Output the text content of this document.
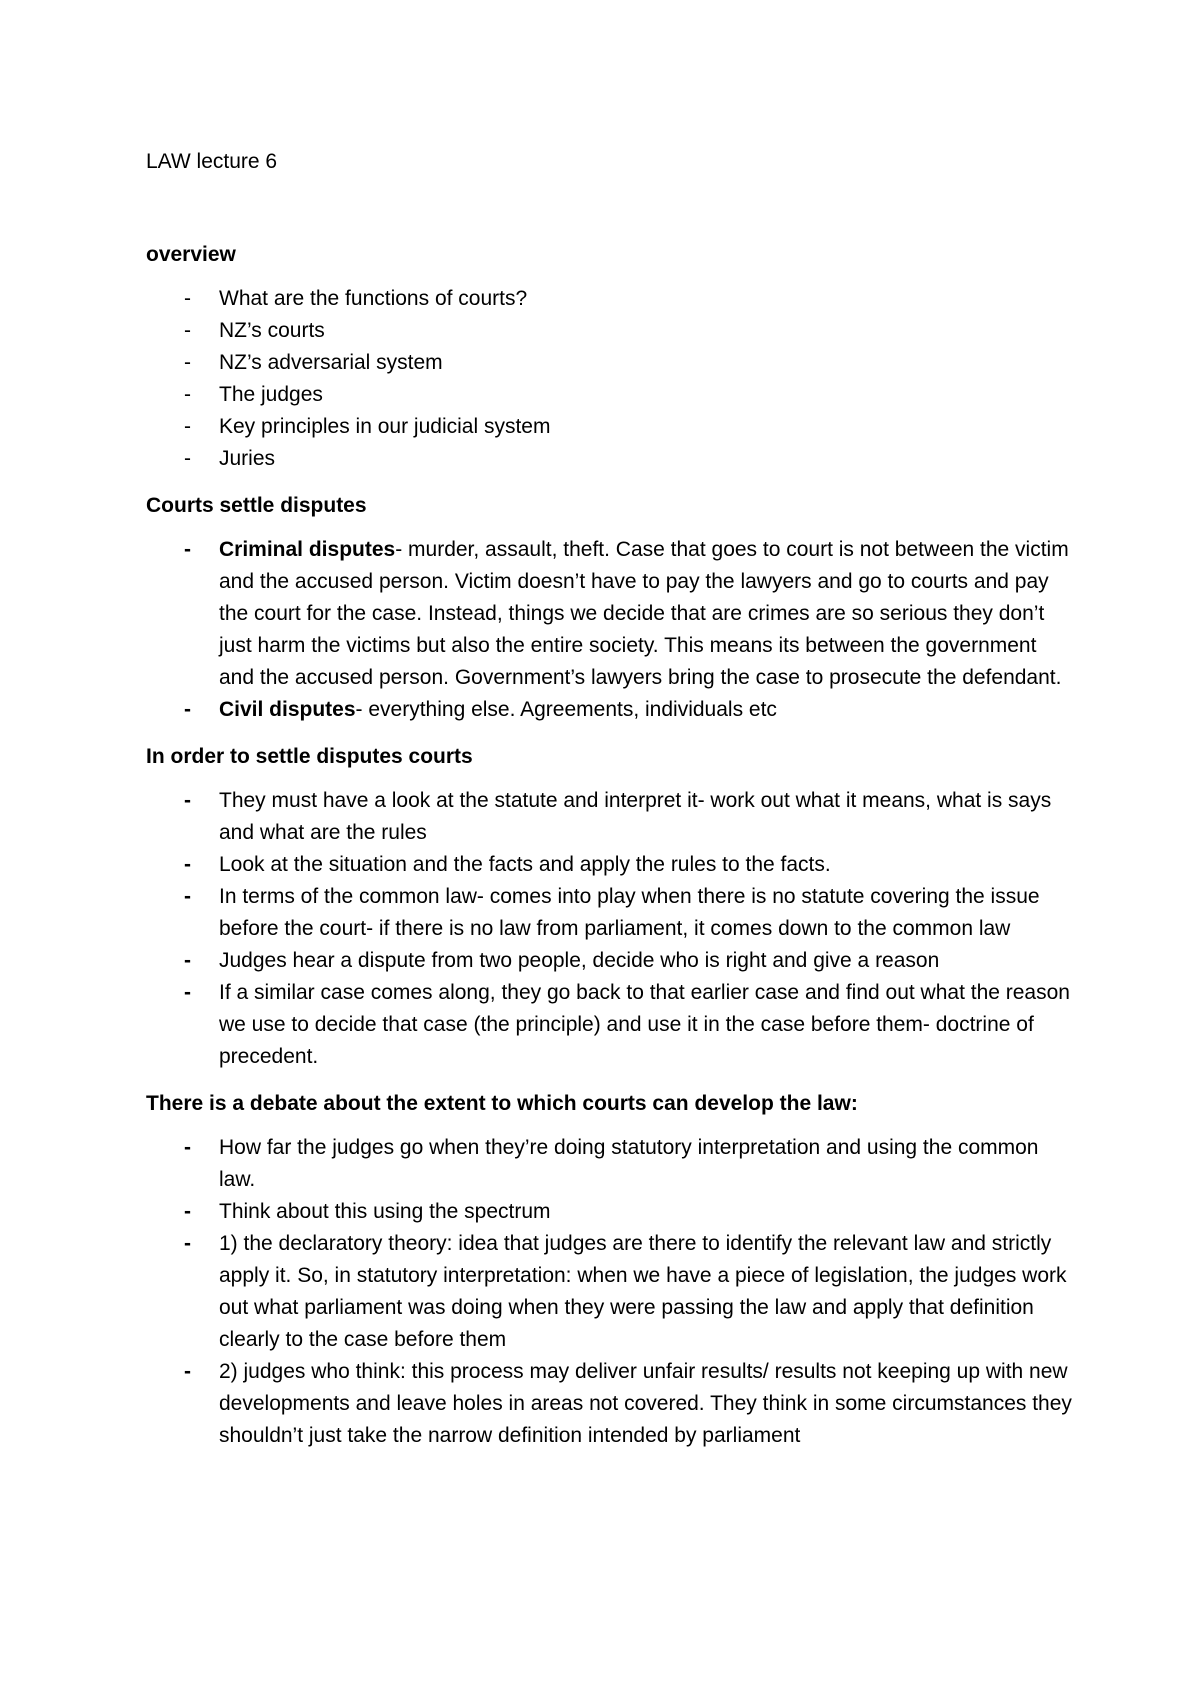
LAW lecture 6
overview
- What are the functions of courts?
- NZ’s courts
- NZ’s adversarial system
- The judges
- Key principles in our judicial system
- Juries
Courts settle disputes
- Criminal disputes- murder, assault, theft. Case that goes to court is not between the victim and the accused person. Victim doesn’t have to pay the lawyers and go to courts and pay the court for the case. Instead, things we decide that are crimes are so serious they don’t just harm the victims but also the entire society. This means its between the government and the accused person. Government’s lawyers bring the case to prosecute the defendant.
- Civil disputes- everything else. Agreements, individuals etc
In order to settle disputes courts
- They must have a look at the statute and interpret it- work out what it means, what is says and what are the rules
- Look at the situation and the facts and apply the rules to the facts.
- In terms of the common law- comes into play when there is no statute covering the issue before the court- if there is no law from parliament, it comes down to the common law
- Judges hear a dispute from two people, decide who is right and give a reason
- If a similar case comes along, they go back to that earlier case and find out what the reason we use to decide that case (the principle) and use it in the case before them- doctrine of precedent.
There is a debate about the extent to which courts can develop the law:
- How far the judges go when they’re doing statutory interpretation and using the common law.
- Think about this using the spectrum
- 1) the declaratory theory: idea that judges are there to identify the relevant law and strictly apply it. So, in statutory interpretation: when we have a piece of legislation, the judges work out what parliament was doing when they were passing the law and apply that definition clearly to the case before them
- 2) judges who think: this process may deliver unfair results/ results not keeping up with new developments and leave holes in areas not covered. They think in some circumstances they shouldn’t just take the narrow definition intended by parliament
